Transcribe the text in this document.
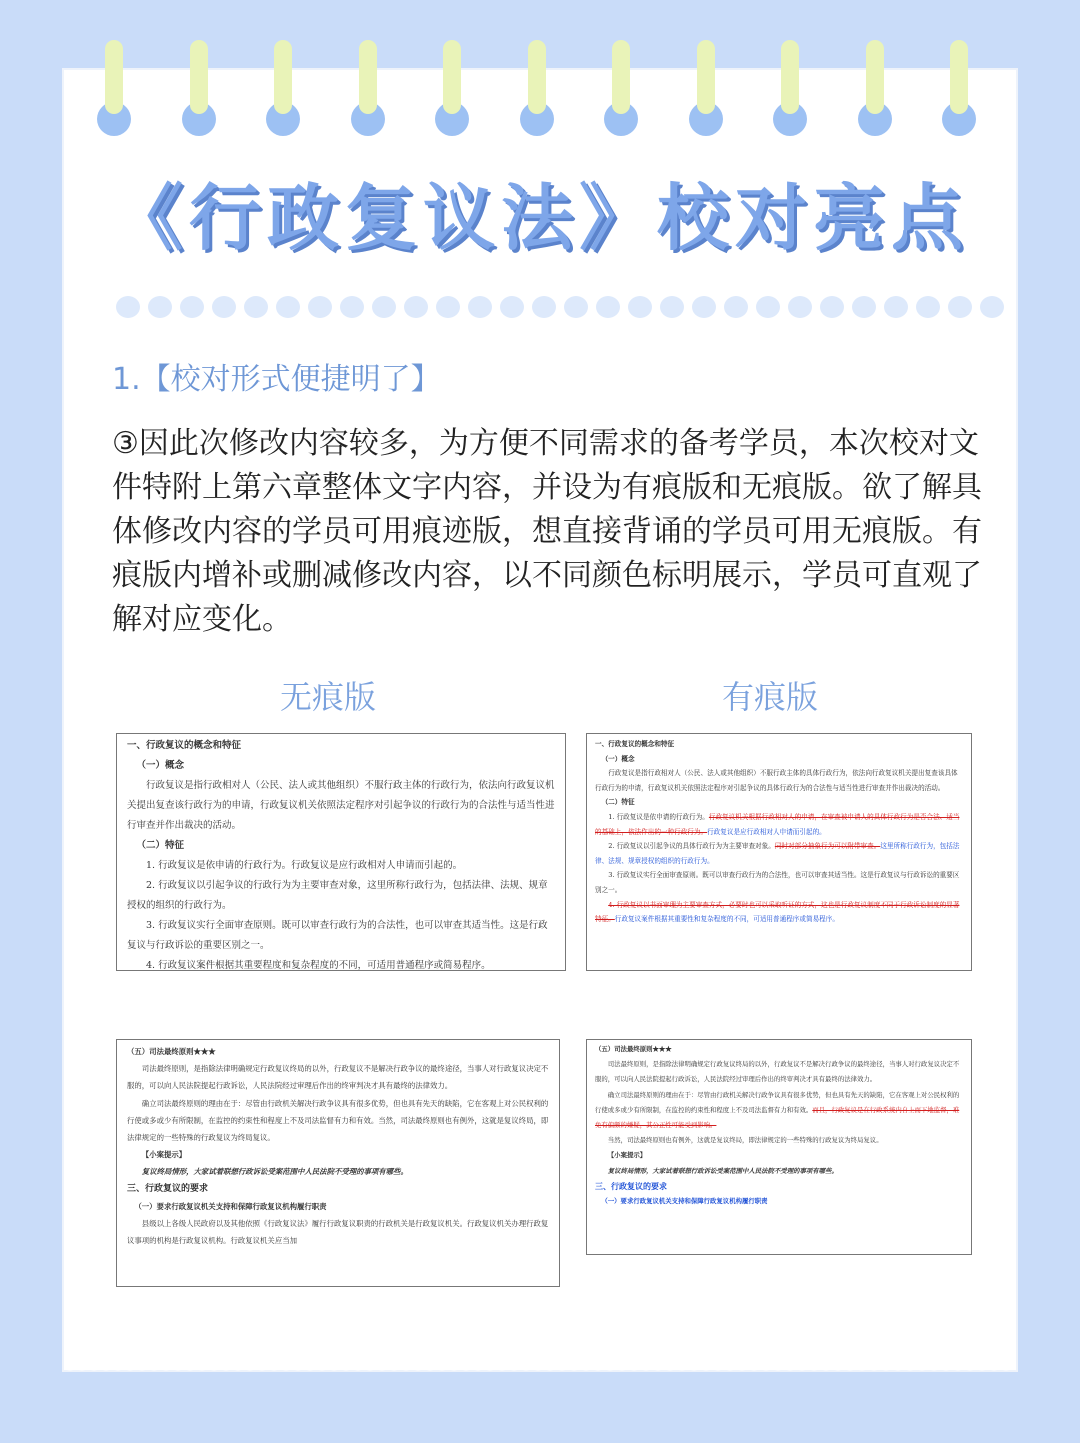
《行政复议法》校对亮点
1.【校对形式便捷明了】
③因此次修改内容较多，为方便不同需求的备考学员，本次校对文件特附上第六章整体文字内容，并设为有痕版和无痕版。欲了解具体修改内容的学员可用痕迹版，想直接背诵的学员可用无痕版。有痕版内增补或删减修改内容，以不同颜色标明展示，学员可直观了解对应变化。
无痕版	有痕版

一、行政复议的概念和特征

（一）概念

行政复议是指行政相对人（公民、法人或其他组织）不服行政主体的行政行为，依法向行政复议机关提出复查该行政行为的申请，行政复议机关依照法定程序对引起争议的行政行为的合法性与适当性进行审查并作出裁决的活动。

（二）特征

1. 行政复议是依申请的行政行为。行政复议是应行政相对人申请而引起的。

2. 行政复议以引起争议的行政行为为主要审查对象，这里所称行政行为，包括法律、法规、规章授权的组织的行政行为。

3. 行政复议实行全面审查原则。既可以审查行政行为的合法性，也可以审查其适当性。这是行政复议与行政诉讼的重要区别之一。

4. 行政复议案件根据其重要程度和复杂程度的不同，可适用普通程序或简易程序。

一、行政复议的概念和特征

（一）概念

行政复议是指行政相对人（公民、法人或其他组织）不服行政主体的具体行政行为，依法向行政复议机关提出复查该具体行政行为的申请，行政复议机关依照法定程序对引起争议的具体行政行为的合法性与适当性进行审查并作出裁决的活动。

（二）特征

1. 行政复议是依申请的行政行为。行政复议机关根据行政相对人的申请，在审查被申请人的具体行政行为是否合法、适当的基础上，依法作出的一种行政行为。行政复议是应行政相对人申请而引起的。

2. 行政复议以引起争议的具体行政行为为主要审查对象。同时对部分抽象行为可以附带审查。这里所称行政行为，包括法律、法规、规章授权的组织的行政行为。

3. 行政复议实行全面审查原则。既可以审查行政行为的合法性，也可以审查其适当性。这是行政复议与行政诉讼的重要区别之一。

4. 行政复议以书面审理为主要审查方式，必要时也可以采取听证的方式，这也是行政复议制度不同于行政诉讼制度的显著特征。行政复议案件根据其重要性和复杂程度的不同，可适用普通程序或简易程序。

（五）司法最终原则★★★

司法最终原则，是指除法律明确规定行政复议终局的以外，行政复议不是解决行政争议的最终途径，当事人对行政复议决定不服的，可以向人民法院提起行政诉讼，人民法院经过审理后作出的终审判决才具有最终的法律效力。

确立司法最终原则的理由在于：尽管由行政机关解决行政争议具有很多优势，但也具有先天的缺陷，它在客观上对公民权利的行使或多或少有所限制，在监控的约束性和程度上不及司法监督有力和有效。当然，司法最终原则也有例外，这就是复议终局，即法律规定的一些特殊的行政复议为终局复议。

【小案提示】

复议终局情形，大家试着联想行政诉讼受案范围中人民法院不受理的事项有哪些。

三、行政复议的要求

（一）要求行政复议机关支持和保障行政复议机构履行职责

县级以上各级人民政府以及其他依照《行政复议法》履行行政复议职责的行政机关是行政复议机关。行政复议机关办理行政复议事项的机构是行政复议机构。行政复议机关应当加

（五）司法最终原则★★★

司法最终原则，是指除法律明确规定行政复议终局的以外，行政复议不是解决行政争议的最终途径，当事人对行政复议决定不服的，可以向人民法院提起行政诉讼，人民法院经过审理后作出的终审判决才具有最终的法律效力。

确立司法最终原则的理由在于：尽管由行政机关解决行政争议具有很多优势，但也具有先天的缺陷，它在客观上对公民权利的行使或多或少有所限制，在监控的约束性和程度上不及司法监督有力和有效。而且，行政复议是在行政系统内自上而下地监督，难免有偏颇的嫌疑，其公正性可能受到影响。

当然，司法最终原则也有例外，这就是复议终局，即法律规定的一些特殊的行政复议为终局复议。

【小案提示】

复议终局情形，大家试着联想行政诉讼受案范围中人民法院不受理的事项有哪些。

三、行政复议的要求

（一）要求行政复议机关支持和保障行政复议机构履行职责
